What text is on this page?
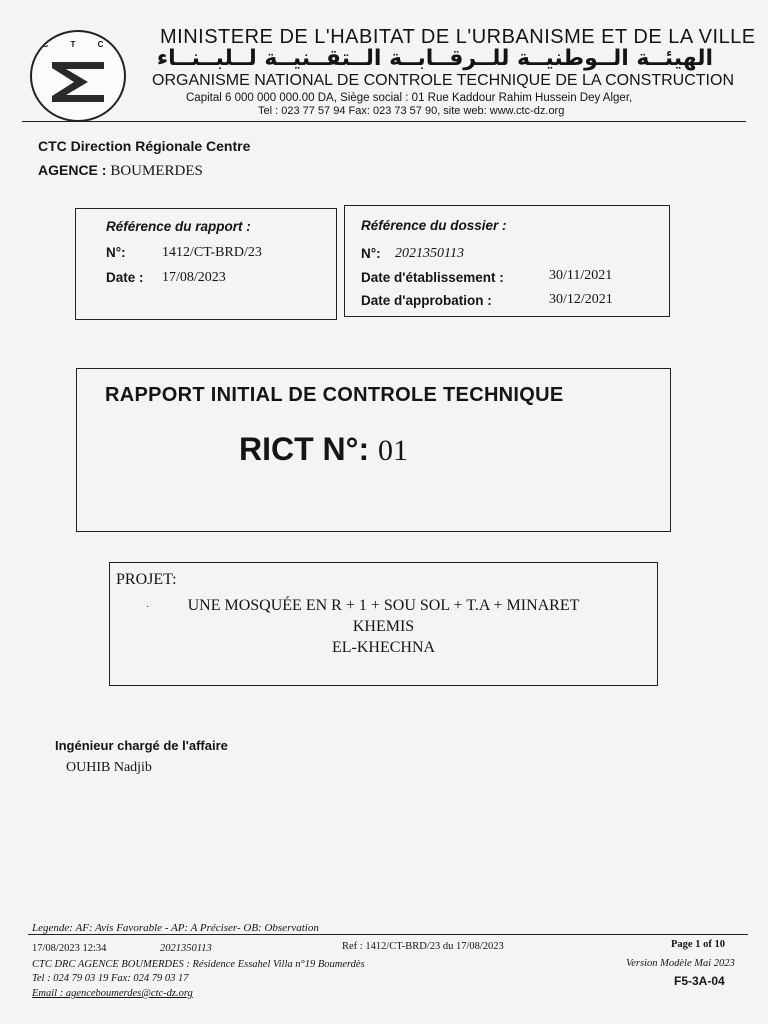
C T C	MINISTERE DE L'HABITAT DE L'URBANISME ET DE LA VILLE
الهيئــة الــوطنيــة للــرقــابــة الــتقــنيــة لــلبــنــاء
ORGANISME NATIONAL DE CONTROLE TECHNIQUE DE LA CONSTRUCTION
Capital 6 000 000 000.00 DA, Siège social : 01 Rue Kaddour Rahim Hussein Dey Alger,
Tel : 023 77 57 94 Fax: 023 73 57 90, site web: www.ctc-dz.org
CTC Direction Régionale Centre
AGENCE : BOUMERDES
Référence du rapport :
N°:	1412/CT-BRD/23
Date : 17/08/2023
Référence du dossier :
N°: 2021350113
Date d'établissement :	30/11/2021
Date d'approbation :	30/12/2021
RAPPORT INITIAL DE CONTROLE TECHNIQUE
RICT N°: 01
PROJET:
·	UNE MOSQUÉE EN R + 1 + SOU SOL + T.A + MINARET
KHEMIS
EL-KHECHNA
Ingénieur chargé de l'affaire
OUHIB Nadjib
Legende: AF: Avis Favorable - AP: A Préciser- OB: Observation
17/08/2023 12:34	2021350113	Ref : 1412/CT-BRD/23 du 17/08/2023	Page 1 of 10
CTC DRC AGENCE BOUMERDES : Résidence Essahel Villa n°19 Boumerdès	Version Modèle Mai 2023
Tel : 024 79 03 19 Fax: 024 79 03 17	F5-3A-04
Email : agenceboumerdes@ctc-dz.org
